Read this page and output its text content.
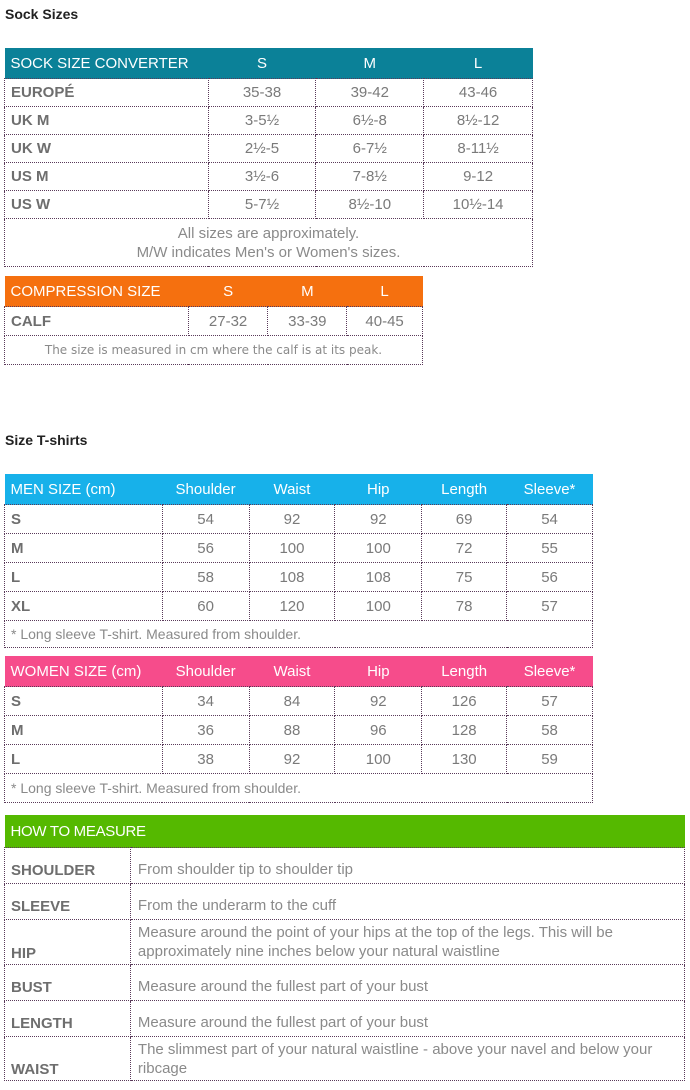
Sock Sizes
SOCK SIZE CONVERTER	S	M	L
EUROPÉ	35-38	39-42	43-46
UK M	3-5½	6½-8	8½-12
UK W	2½-5	6-7½	8-11½
US M	3½-6	7-8½	9-12
US W	5-7½	8½-10	10½-14

All sizes are approximately.
M/W indicates Men's or Women's sizes.			
COMPRESSION SIZE	S	M	L
CALF	27-32	33-39	40-45
The size is measured in cm where the calf is at its peak.			
Size T-shirts
MEN SIZE (cm)	Shoulder	Waist	Hip	Length	Sleeve*
S	54	92	92	69	54
M	56	100	100	72	55
L	58	108	108	75	56
XL	60	120	100	78	57
* Long sleeve T-shirt. Measured from shoulder.					
WOMEN SIZE (cm)	Shoulder	Waist	Hip	Length	Sleeve*
S	34	84	92	126	57
M	36	88	96	128	58
L	38	92	100	130	59
* Long sleeve T-shirt. Measured from shoulder.					
HOW TO MEASURE	
SHOULDER	From shoulder tip to shoulder tip
SLEEVE	From the underarm to the cuff
HIP	Measure around the point of your hips at the top of the legs. This will be approximately nine inches below your natural waistline
BUST	Measure around the fullest part of your bust
LENGTH	Measure around the fullest part of your bust
WAIST	The slimmest part of your natural waistline - above your navel and below your ribcage
